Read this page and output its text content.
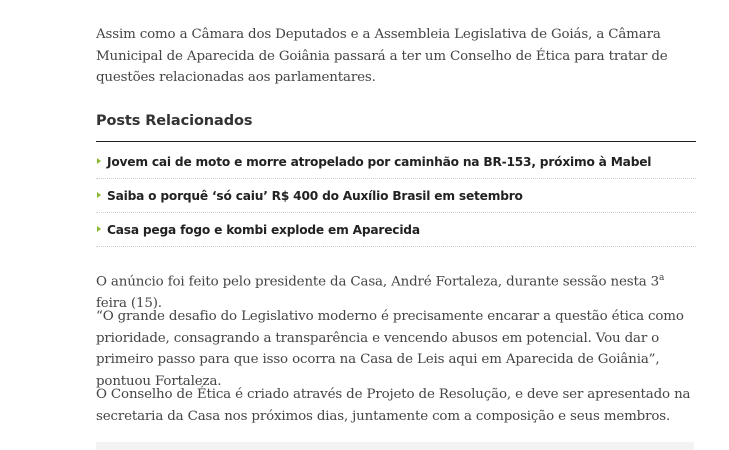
Assim como a Câmara dos Deputados e a Assembleia Legislativa de Goiás, a Câmara Municipal de Aparecida de Goiânia passará a ter um Conselho de Ética para tratar de questões relacionadas aos parlamentares.

Posts Relacionados
Jovem cai de moto e morre atropelado por caminhão na BR-153, próximo à Mabel
Saiba o porquê ‘só caiu’ R$ 400 do Auxílio Brasil em setembro
Casa pega fogo e kombi explode em Aparecida

O anúncio foi feito pelo presidente da Casa, André Fortaleza, durante sessão nesta 3$^a$ feira (15).

“O grande desafio do Legislativo moderno é precisamente encarar a questão ética como prioridade, consagrando a transparência e vencendo abusos em potencial. Vou dar o primeiro passo para que isso ocorra na Casa de Leis aqui em Aparecida de Goiânia”, pontuou Fortaleza.

O Conselho de Ética é criado através de Projeto de Resolução, e deve ser apresentado na secretaria da Casa nos próximos dias, juntamente com a composição e seus membros.
